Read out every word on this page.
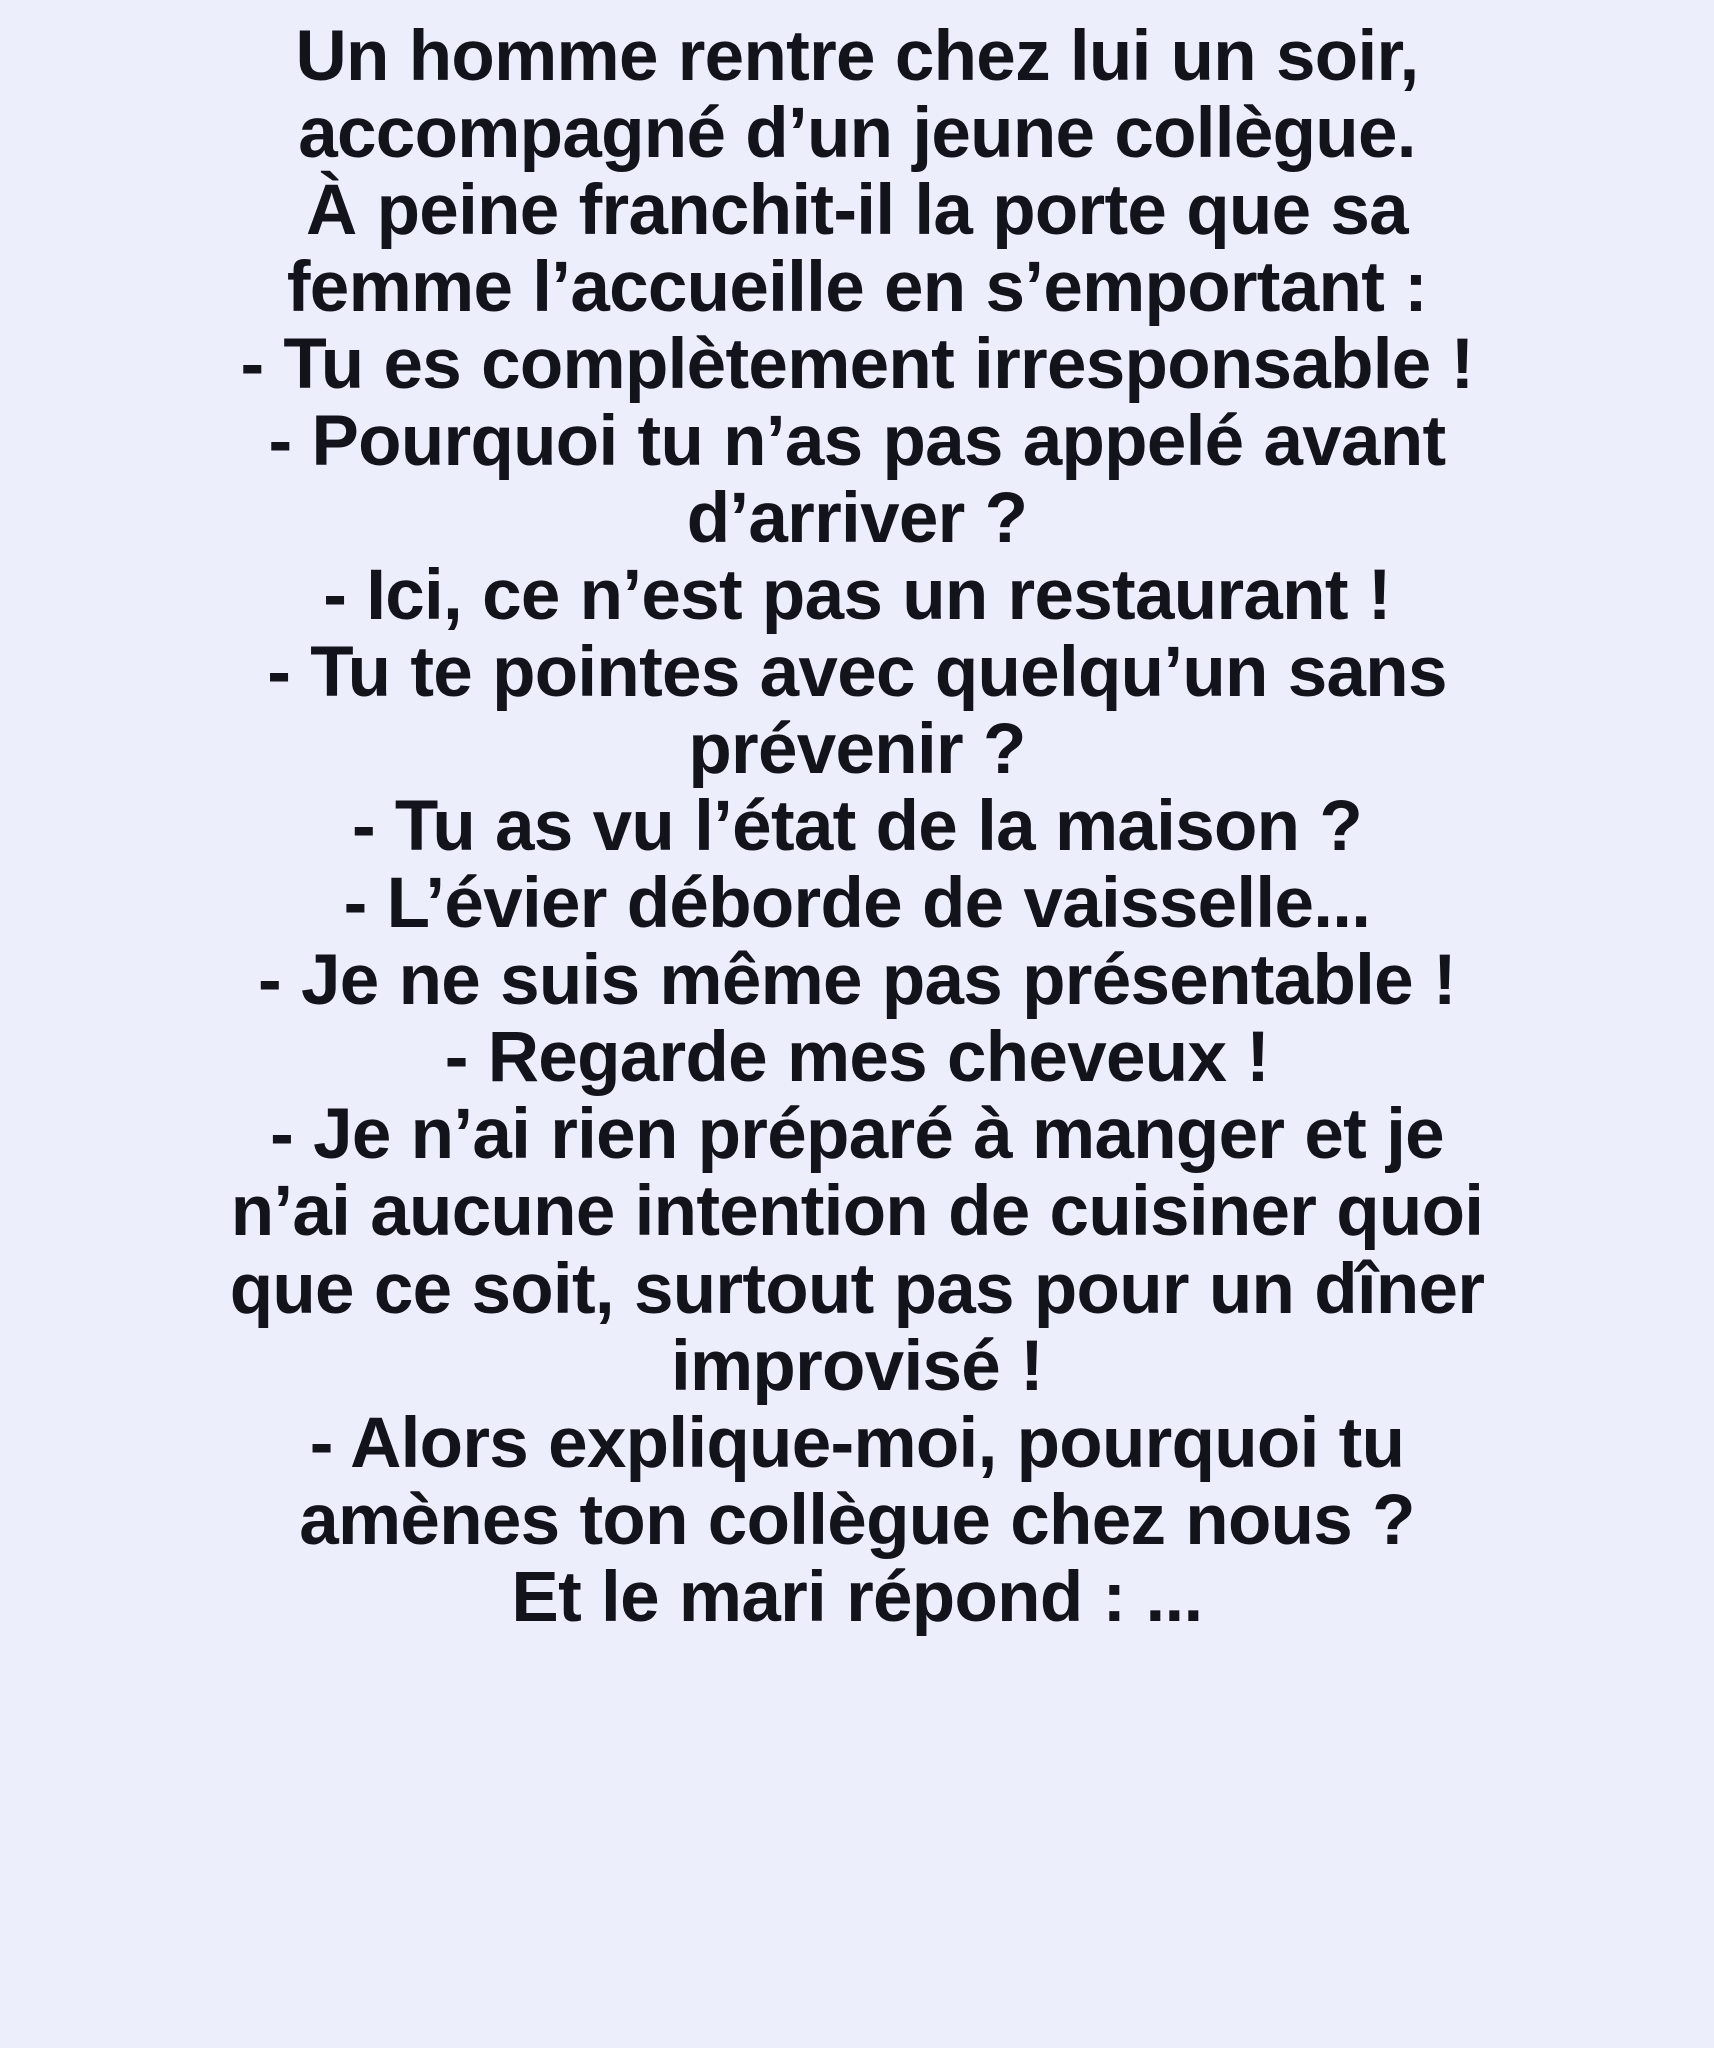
Un homme rentre chez lui un soir,
accompagné d’un jeune collègue.
À peine franchit-il la porte que sa
femme l’accueille en s’emportant :
- Tu es complètement irresponsable !
- Pourquoi tu n’as pas appelé avant
d’arriver ?
- Ici, ce n’est pas un restaurant !
- Tu te pointes avec quelqu’un sans
prévenir ?
- Tu as vu l’état de la maison ?
- L’évier déborde de vaisselle...
- Je ne suis même pas présentable !
- Regarde mes cheveux !
- Je n’ai rien préparé à manger et je
n’ai aucune intention de cuisiner quoi
que ce soit, surtout pas pour un dîner
improvisé !
- Alors explique-moi, pourquoi tu
amènes ton collègue chez nous ?
Et le mari répond : ...
